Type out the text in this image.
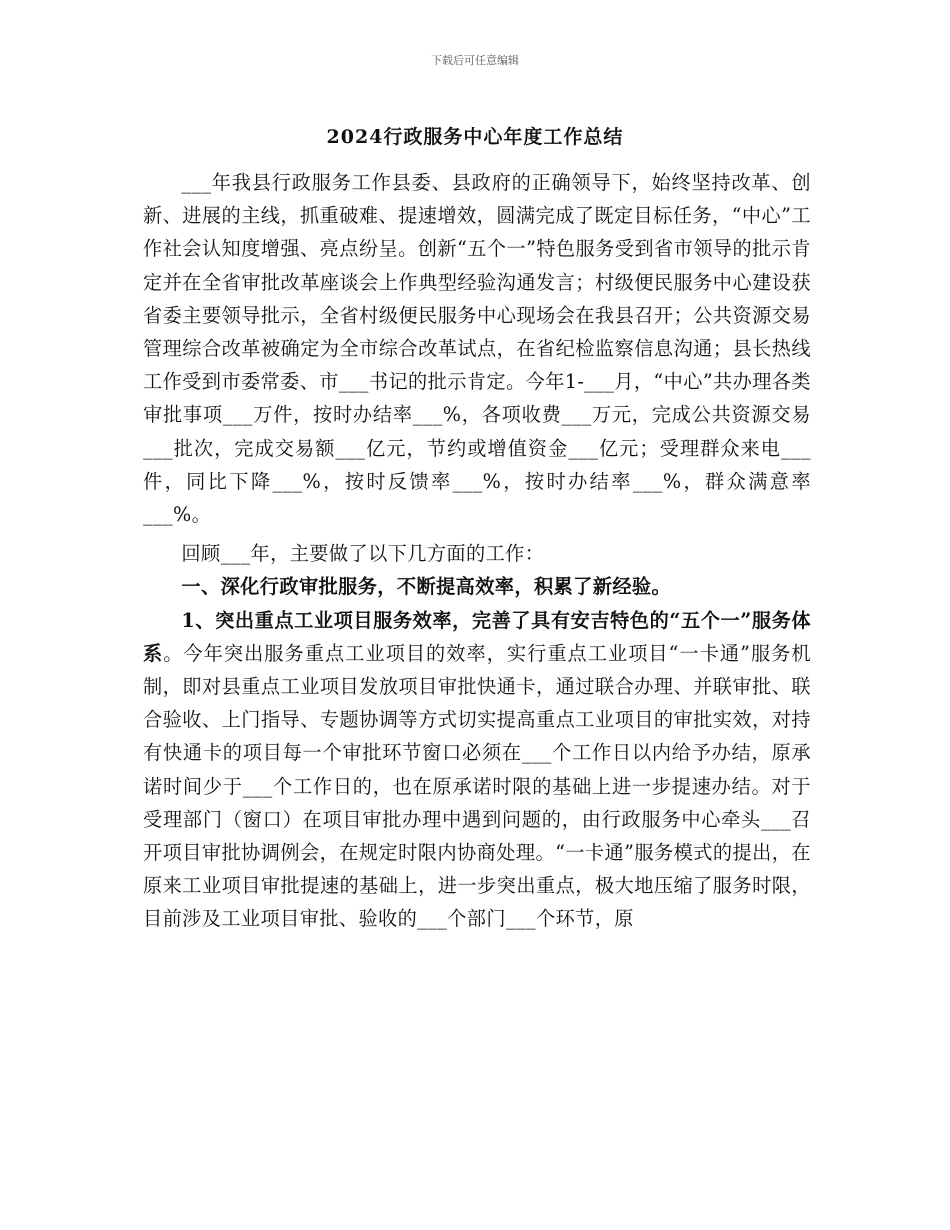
下载后可任意编辑
2024行政服务中心年度工作总结

___年我县行政服务工作县委、县政府的正确领导下，始终坚持改革、创新、进展的主线，抓重破难、提速增效，圆满完成了既定目标任务，“中心”工作社会认知度增强、亮点纷呈。创新“五个一”特色服务受到省市领导的批示肯定并在全省审批改革座谈会上作典型经验沟通发言；村级便民服务中心建设获省委主要领导批示，全省村级便民服务中心现场会在我县召开；公共资源交易管理综合改革被确定为全市综合改革试点，在省纪检监察信息沟通；县长热线工作受到市委常委、市___书记的批示肯定。今年1-___月，“中心”共办理各类审批事项___万件，按时办结率___%，各项收费___万元，完成公共资源交易___批次，完成交易额___亿元，节约或增值资金___亿元；受理群众来电___件，同比下降___%，按时反馈率___%，按时办结率___%，群众满意率___%。

回顾___年，主要做了以下几方面的工作：

一、深化行政审批服务，不断提高效率，积累了新经验。

1、突出重点工业项目服务效率，完善了具有安吉特色的“五个一”服务体系。今年突出服务重点工业项目的效率，实行重点工业项目“一卡通”服务机制，即对县重点工业项目发放项目审批快通卡，通过联合办理、并联审批、联合验收、上门指导、专题协调等方式切实提高重点工业项目的审批实效，对持有快通卡的项目每一个审批环节窗口必须在___个工作日以内给予办结，原承诺时间少于___个工作日的，也在原承诺时限的基础上进一步提速办结。对于受理部门（窗口）在项目审批办理中遇到问题的，由行政服务中心牵头___召开项目审批协调例会，在规定时限内协商处理。“一卡通”服务模式的提出，在原来工业项目审批提速的基础上，进一步突出重点，极大地压缩了服务时限，目前涉及工业项目审批、验收的___个部门___个环节，原
